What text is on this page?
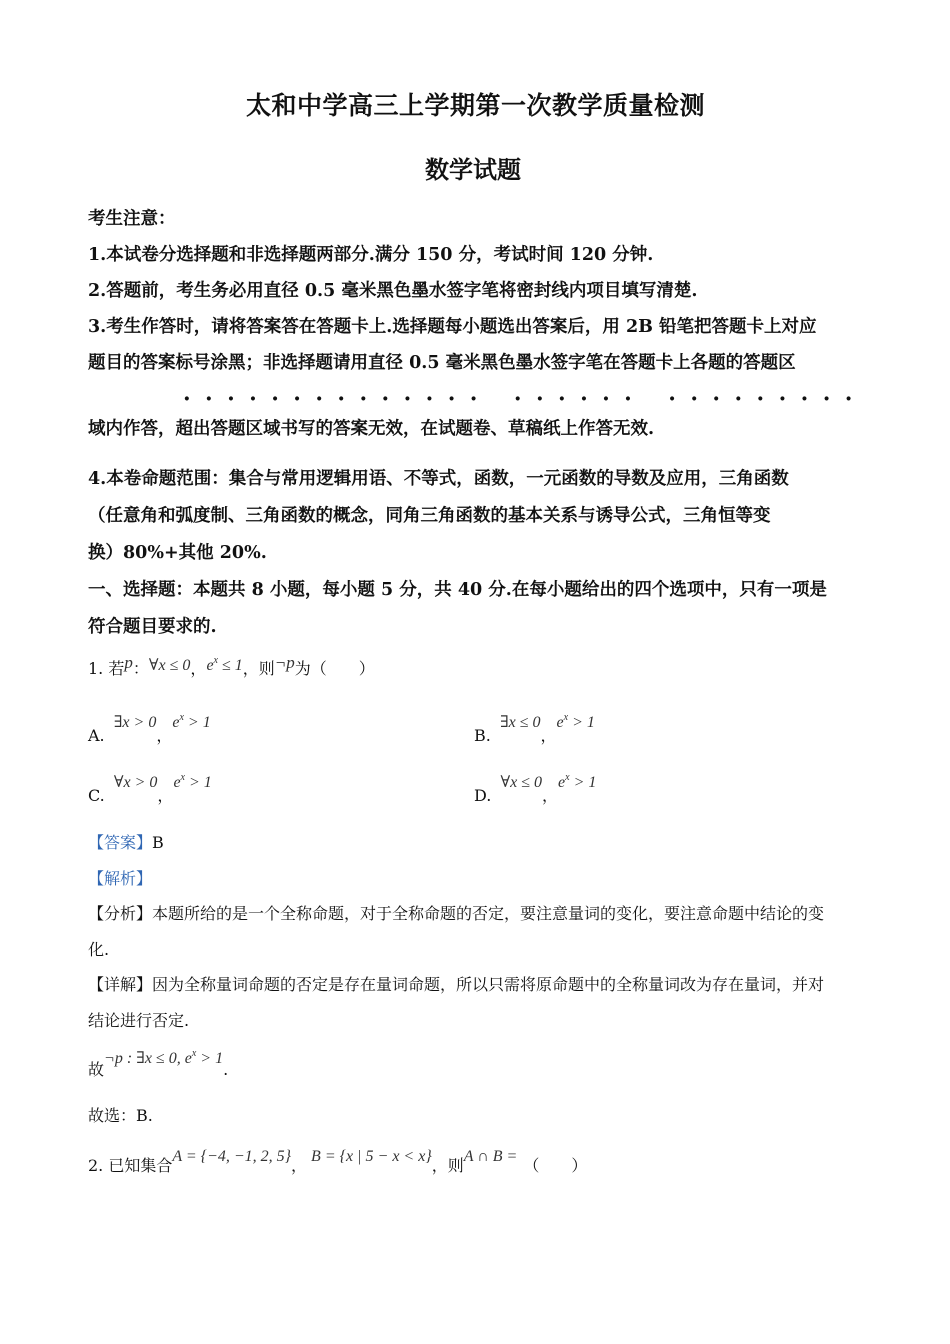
太和中学高三上学期第一次教学质量检测
数学试题
考生注意：
1.本试卷分选择题和非选择题两部分.满分 150 分，考试时间 120 分钟.
2.答题前，考生务必用直径 0.5 毫米黑色墨水签字笔将密封线内项目填写清楚.
3.考生作答时，请将答案答在答题卡上.选择题每小题选出答案后，用 2B 铅笔把答题卡上对应
题目的答案标号涂黑；非选择题请用直径 0.5 毫米黑色墨水签字笔在答题卡上各题的答题区
·············· ······ ·········
域内作答，超出答题区域书写的答案无效，在试题卷、草稿纸上作答无效.
4.本卷命题范围：集合与常用逻辑用语、不等式，函数，一元函数的导数及应用，三角函数
（任意角和弧度制、三角函数的概念，同角三角函数的基本关系与诱导公式，三角恒等变
换）80%+其他 20%.
一、选择题：本题共 8 小题，每小题 5 分，共 40 分.在每小题给出的四个选项中，只有一项是
符合题目要求的.
1. 若p：∀x ≤ 0，$e^x \le 1$，则¬p为（　　）
A. ∃x > 0，$e^x > 1$
B. ∃x ≤ 0，$e^x > 1$
C. ∀x > 0，$e^x > 1$
D. ∀x ≤ 0，$e^x > 1$
【答案】B
【解析】
【分析】本题所给的是一个全称命题，对于全称命题的否定，要注意量词的变化，要注意命题中结论的变
化.
【详解】因为全称量词命题的否定是存在量词命题，所以只需将原命题中的全称量词改为存在量词，并对
结论进行否定.
故¬p : ∃x ≤ 0, $e^x > 1$.
故选：B.
2. 已知集合A = {−4, −1, 2, 5}， B = {x | 5 − x < x}，则A ∩ B = （　　）
